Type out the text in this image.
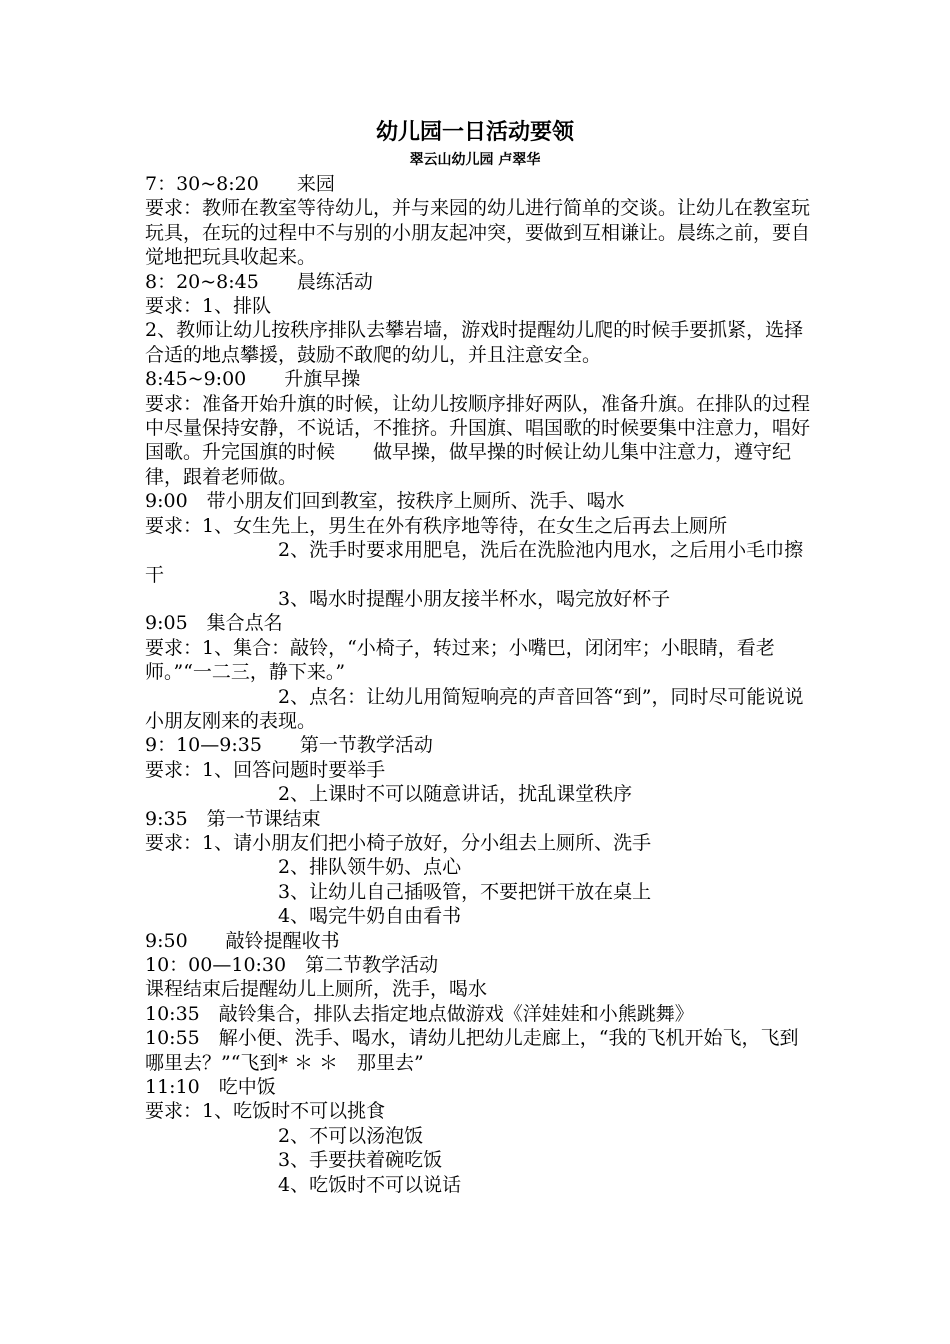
幼儿园一日活动要领
翠云山幼儿园 卢翠华
7：30~8:20　　来园
要求：教师在教室等待幼儿，并与来园的幼儿进行简单的交谈。让幼儿在教室玩玩具，在玩的过程中不与别的小朋友起冲突，要做到互相谦让。晨练之前，要自觉地把玩具收起来。
8：20~8:45　　晨练活动
要求：1、排队
2、教师让幼儿按秩序排队去攀岩墙，游戏时提醒幼儿爬的时候手要抓紧，选择合适的地点攀援，鼓励不敢爬的幼儿，并且注意安全。
8:45~9:00　　升旗早操
要求：准备开始升旗的时候，让幼儿按顺序排好两队，准备升旗。在排队的过程中尽量保持安静，不说话，不推挤。升国旗、唱国歌的时候要集中注意力，唱好国歌。升完国旗的时候　　做早操，做早操的时候让幼儿集中注意力，遵守纪律，跟着老师做。
9:00　带小朋友们回到教室，按秩序上厕所、洗手、喝水
要求：1、女生先上，男生在外有秩序地等待，在女生之后再去上厕所
2、洗手时要求用肥皂，洗后在洗脸池内甩水，之后用小毛巾擦干
3、喝水时提醒小朋友接半杯水，喝完放好杯子
9:05　集合点名
要求：1、集合：敲铃，“小椅子，转过来；小嘴巴，闭闭牢；小眼睛，看老师。”“一二三，静下来。”
2、点名：让幼儿用简短响亮的声音回答“到”，同时尽可能说说小朋友刚来的表现。
9：10—9:35　　第一节教学活动
要求：1、回答问题时要举手
2、上课时不可以随意讲话，扰乱课堂秩序
9:35　第一节课结束
要求：1、请小朋友们把小椅子放好，分小组去上厕所、洗手
2、排队领牛奶、点心
3、让幼儿自己插吸管，不要把饼干放在桌上
4、喝完牛奶自由看书
9:50　　敲铃提醒收书
10：00—10:30　第二节教学活动
课程结束后提醒幼儿上厕所，洗手，喝水
10:35　敲铃集合，排队去指定地点做游戏《洋娃娃和小熊跳舞》
10:55　解小便、洗手、喝水，请幼儿把幼儿走廊上，“我的飞机开始飞，飞到哪里去？”“飞到* ＊ ＊　那里去”
11:10　吃中饭
要求：1、吃饭时不可以挑食
2、不可以汤泡饭
3、手要扶着碗吃饭
4、吃饭时不可以说话
